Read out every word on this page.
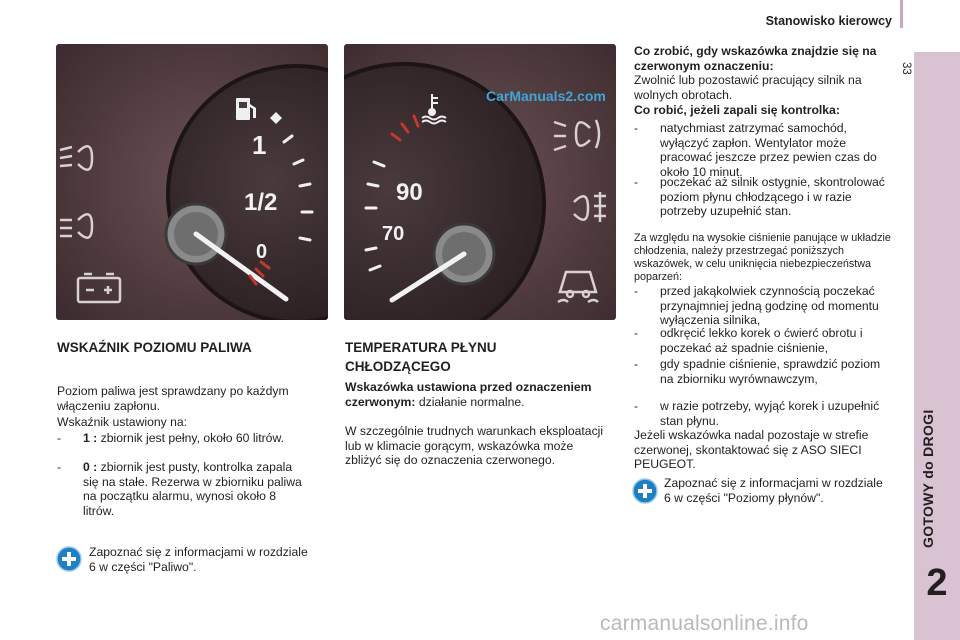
Stanowisko kierowcy
33
GOTOWY do DROGI
2
1
1/2
0
90
70
CarManuals2.com
WSKAŹNIK POZIOMU PALIWA
Poziom paliwa jest sprawdzany po każdym włączeniu zapłonu.
Wskaźnik ustawiony na:
- 1 : zbiornik jest pełny, około 60 litrów.
- 0 : zbiornik jest pusty, kontrolka zapala się na stałe. Rezerwa w zbiorniku paliwa na początku alarmu, wynosi około 8 litrów.
Zapoznać się z informacjami w rozdziale 6 w części "Paliwo".
TEMPERATURA PŁYNU
CHŁODZĄCEGO
Wskazówka ustawiona przed oznaczeniem czerwonym: działanie normalne.
W szczególnie trudnych warunkach eksploatacji lub w klimacie gorącym, wskazówka może zbliżyć się do oznaczenia czerwonego.
Co zrobić, gdy wskazówka znajdzie się na czerwonym oznaczeniu:
Zwolnić lub pozostawić pracujący silnik na wolnych obrotach.
Co robić, jeżeli zapali się kontrolka:
- natychmiast zatrzymać samochód, wyłączyć zapłon. Wentylator może pracować jeszcze przez pewien czas do około 10 minut.
- poczekać aż silnik ostygnie, skontrolować poziom płynu chłodzącego i w razie potrzeby uzupełnić stan.
Za względu na wysokie ciśnienie panujące w układzie chłodzenia, należy przestrzegać poniższych wskazówek, w celu uniknięcia niebezpieczeństwa poparzeń:
- przed jakąkolwiek czynnością poczekać przynajmniej jedną godzinę od momentu wyłączenia silnika,
- odkręcić lekko korek o ćwierć obrotu i poczekać aż spadnie ciśnienie,
- gdy spadnie ciśnienie, sprawdzić poziom na zbiorniku wyrównawczym,
- w razie potrzeby, wyjąć korek i uzupełnić stan płynu.
Jeżeli wskazówka nadal pozostaje w strefie czerwonej, skontaktować się z ASO SIECI PEUGEOT.
Zapoznać się z informacjami w rozdziale 6 w części "Poziomy płynów".
carmanualsonline.info
